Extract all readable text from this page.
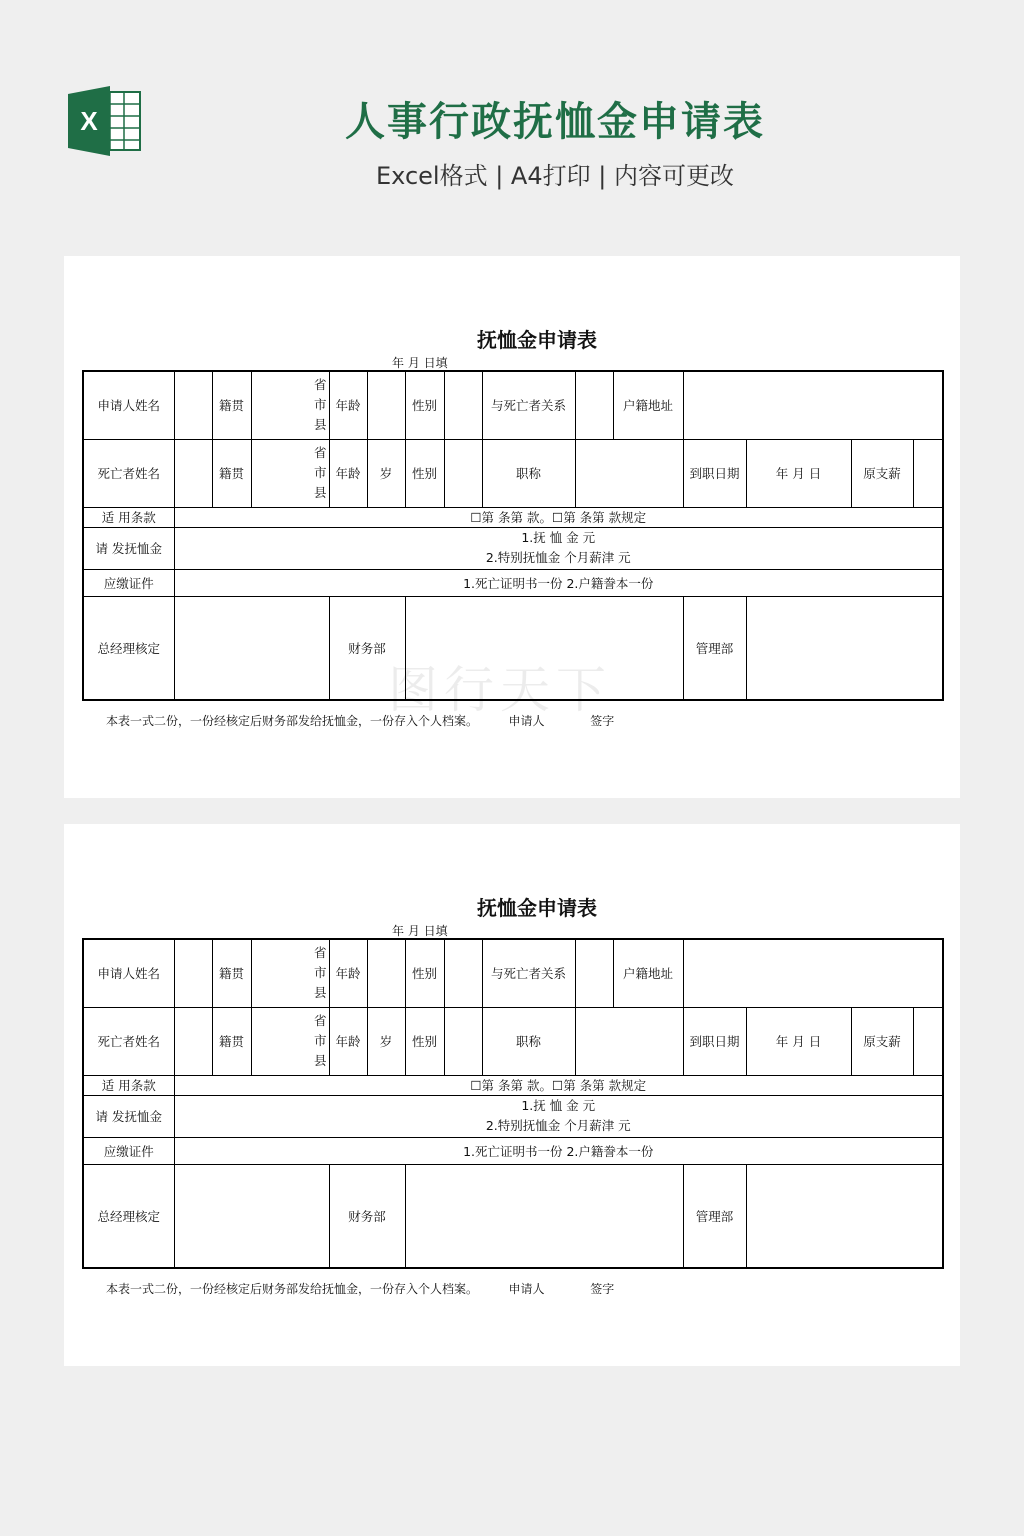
X	人事行政抚恤金申请表
Excel格式 | A4打印 | 内容可更改
抚恤金申请表
年 月 日填
申请人姓名		籍贯	省
市
县	年龄		性别		与死亡者关系		户籍地址				
死亡者姓名		籍贯	省
市
县	年龄	岁	性别		职称			到职日期	年 月 日	原支薪	
适 用条款	☐第 条第 款。☐第 条第 款规定													
请 发抚恤金	1.抚 恤 金 元
2.特别抚恤金 个月薪津 元													

应缴证件	1.死亡证明书一份 2.户籍誊本一份													
总经理核定				财务部							管理部			
本表一式二份，一份经核定后财务部发给抚恤金，一份存入个人档案。        申请人            签字
抚恤金申请表
年 月 日填
申请人姓名		籍贯	省
市
县	年龄		性别		与死亡者关系		户籍地址				
死亡者姓名		籍贯	省
市
县	年龄	岁	性别		职称			到职日期	年 月 日	原支薪	
适 用条款	☐第 条第 款。☐第 条第 款规定													
请 发抚恤金	1.抚 恤 金 元
2.特别抚恤金 个月薪津 元													

应缴证件	1.死亡证明书一份 2.户籍誊本一份													
总经理核定				财务部							管理部			
本表一式二份，一份经核定后财务部发给抚恤金，一份存入个人档案。        申请人            签字
图行天下
